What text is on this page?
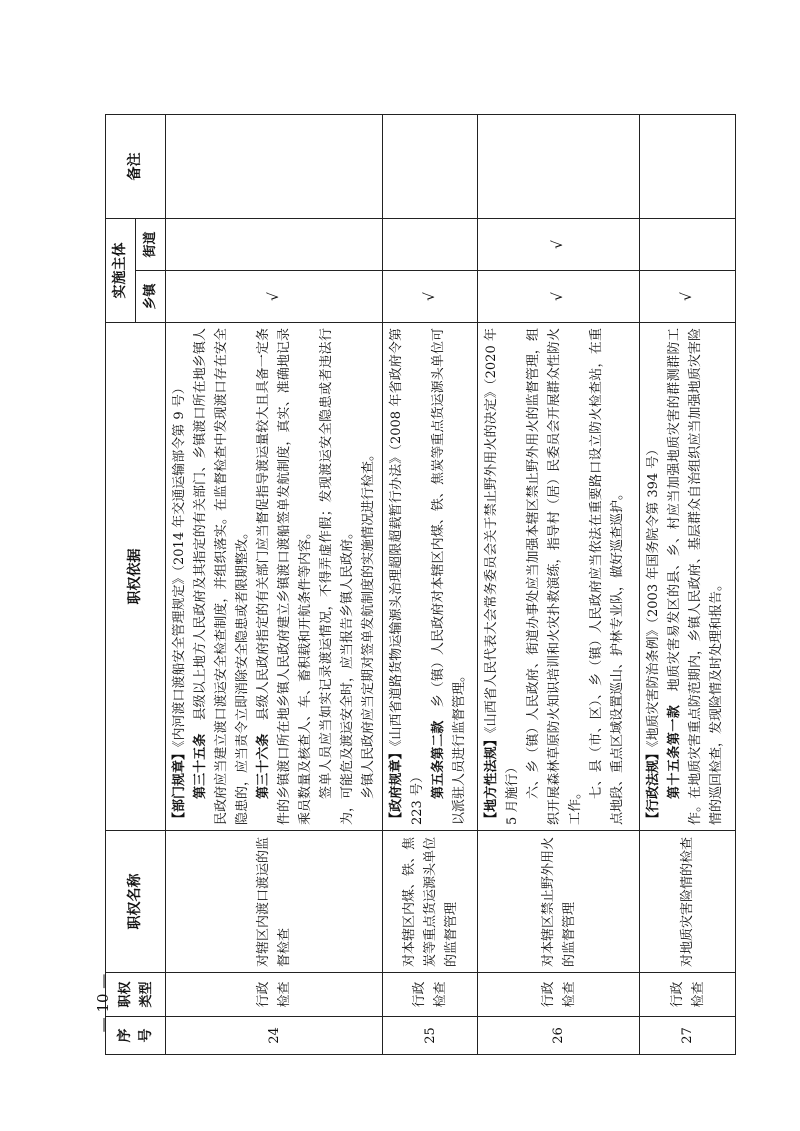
序号	职权类型	职权名称	职权依据	实施主体		备注
				乡镇	街道	
24	行政检查	对辖区内渡口渡运的监督检查	【部门规章】《内河渡口渡船安全管理规定》（2014 年交通运输部令第 9 号）

第三十五条　县级以上地方人民政府及其指定的有关部门、乡镇渡口所在地乡镇人民政府应当建立渡口渡运安全检查制度，并组织落实。在监督检查中发现渡口存在安全隐患的，应当责令立即消除安全隐患或者限期整改。 第三十六条　县级人民政府指定的有关部门应当督促指导渡运量较大且具备一定条件的乡镇渡口所在地乡镇人民政府建立乡镇渡口渡船签单发航制度，真实、准确地记录乘员数量及核查人、车、畜积载和开航条件等内容。 签单人员应当如实记录渡运情况，不得弄虚作假；发现渡运安全隐患或者违法行为，可能危及渡运安全时，应当报告乡镇人民政府。 乡镇人民政府应当定期对签单发航制度的实施情况进行检查。	√		
25	行政检查	对本辖区内煤、铁、焦炭等重点货运源头单位的监督管理	【政府规章】《山西省道路货物运输源头治理超限超载暂行办法》（2008 年省政府令第 223 号） 第五条第二款　乡（镇）人民政府对本辖区内煤、铁、焦炭等重点货运源头单位可以派驻人员进行监督管理。	√		
26	行政检查	对本辖区禁止野外用火的监督管理	【地方性法规】《山西省人民代表大会常务委员会关于禁止野外用火的决定》（2020 年 5 月施行） 六、乡（镇）人民政府、街道办事处应当加强本辖区禁止野外用火的监督管理，组织开展森林草原防火知识培训和火灾扑救演练，指导村（居）民委员会开展群众性防火工作。

七、县（市、区）、乡（镇）人民政府应当依法在重要路口设立防火检查站，在重点地段、重点区域设置巡山、护林专业队，做好巡查巡护。	√	√	
27	行政检查	对地质灾害险情的检查	【行政法规】《地质灾害防治条例》（2003 年国务院令第 394 号）

第十五条第一款　地质灾害易发区的县、乡、村应当加强地质灾害的群测群防工作。在地质灾害重点防范期内，乡镇人民政府、基层群众自治组织应当加强地质灾害险情的巡回检查，发现险情及时处理和报告。	√		
— 10 —
